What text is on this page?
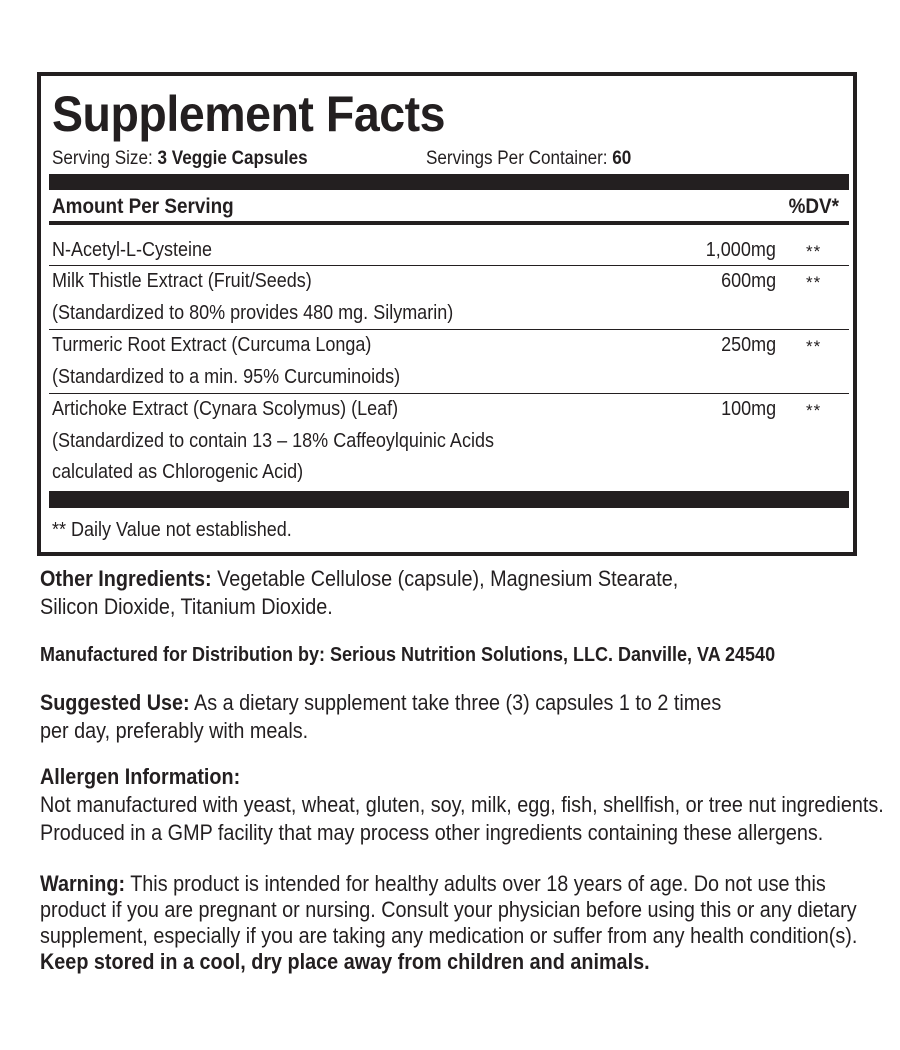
Supplement Facts
Serving Size: 3 Veggie Capsules	Servings Per Container: 60
Amount Per Serving	%DV*
N-Acetyl-L-Cysteine	1,000mg **
Milk Thistle Extract (Fruit/Seeds)	600mg **
(Standardized to 80% provides 480 mg. Silymarin)
Turmeric Root Extract (Curcuma Longa)	250mg **
(Standardized to a min. 95% Curcuminoids)
Artichoke Extract (Cynara Scolymus) (Leaf)	100mg **
(Standardized to contain 13 – 18% Caffeoylquinic Acids
calculated as Chlorogenic Acid)
** Daily Value not established.
Other Ingredients: Vegetable Cellulose (capsule), Magnesium Stearate,
Silicon Dioxide, Titanium Dioxide.
Manufactured for Distribution by: Serious Nutrition Solutions, LLC. Danville, VA 24540
Suggested Use: As a dietary supplement take three (3) capsules 1 to 2 times
per day, preferably with meals.
Allergen Information:
Not manufactured with yeast, wheat, gluten, soy, milk, egg, fish, shellfish, or tree nut ingredients.
Produced in a GMP facility that may process other ingredients containing these allergens.
Warning: This product is intended for healthy adults over 18 years of age. Do not use this
product if you are pregnant or nursing. Consult your physician before using this or any dietary
supplement, especially if you are taking any medication or suffer from any health condition(s).
Keep stored in a cool, dry place away from children and animals.
